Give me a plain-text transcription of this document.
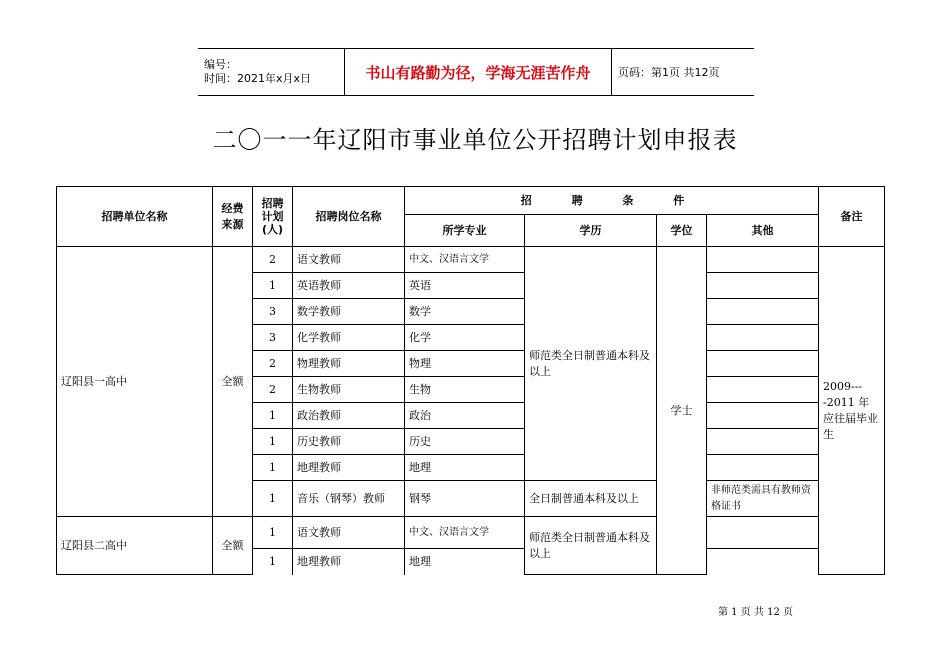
编号：
时间：2021年x月x日	书山有路勤为径，学海无涯苦作舟	页码：第1页 共12页
二〇一一年辽阳市事业单位公开招聘计划申报表
招聘单位名称	经费来源	招聘
计划
(人)	招聘岗位名称	招 聘 条 件				备注
				所学专业	学历	学位	其他	
辽阳县一高中	全额	2	语文教师	中文、汉语言文学	师范类全日制普通本科及以上	学士		2009----2011 年应往届毕业生
		1	英语教师	英语				
		3	数学教师	数学				
		3	化学教师	化学				
		2	物理教师	物理				
		2	生物教师	生物				
		1	政治教师	政治				
		1	历史教师	历史				
		1	地理教师	地理				
		1	音乐（钢琴）教师	钢琴	全日制普通本科及以上		非师范类需具有教师资格证书	
辽阳县二高中	全额	1	语文教师	中文、汉语言文学	师范类全日制普通本科及以上			
		1	地理教师	地理				
第 1 页 共 12 页
